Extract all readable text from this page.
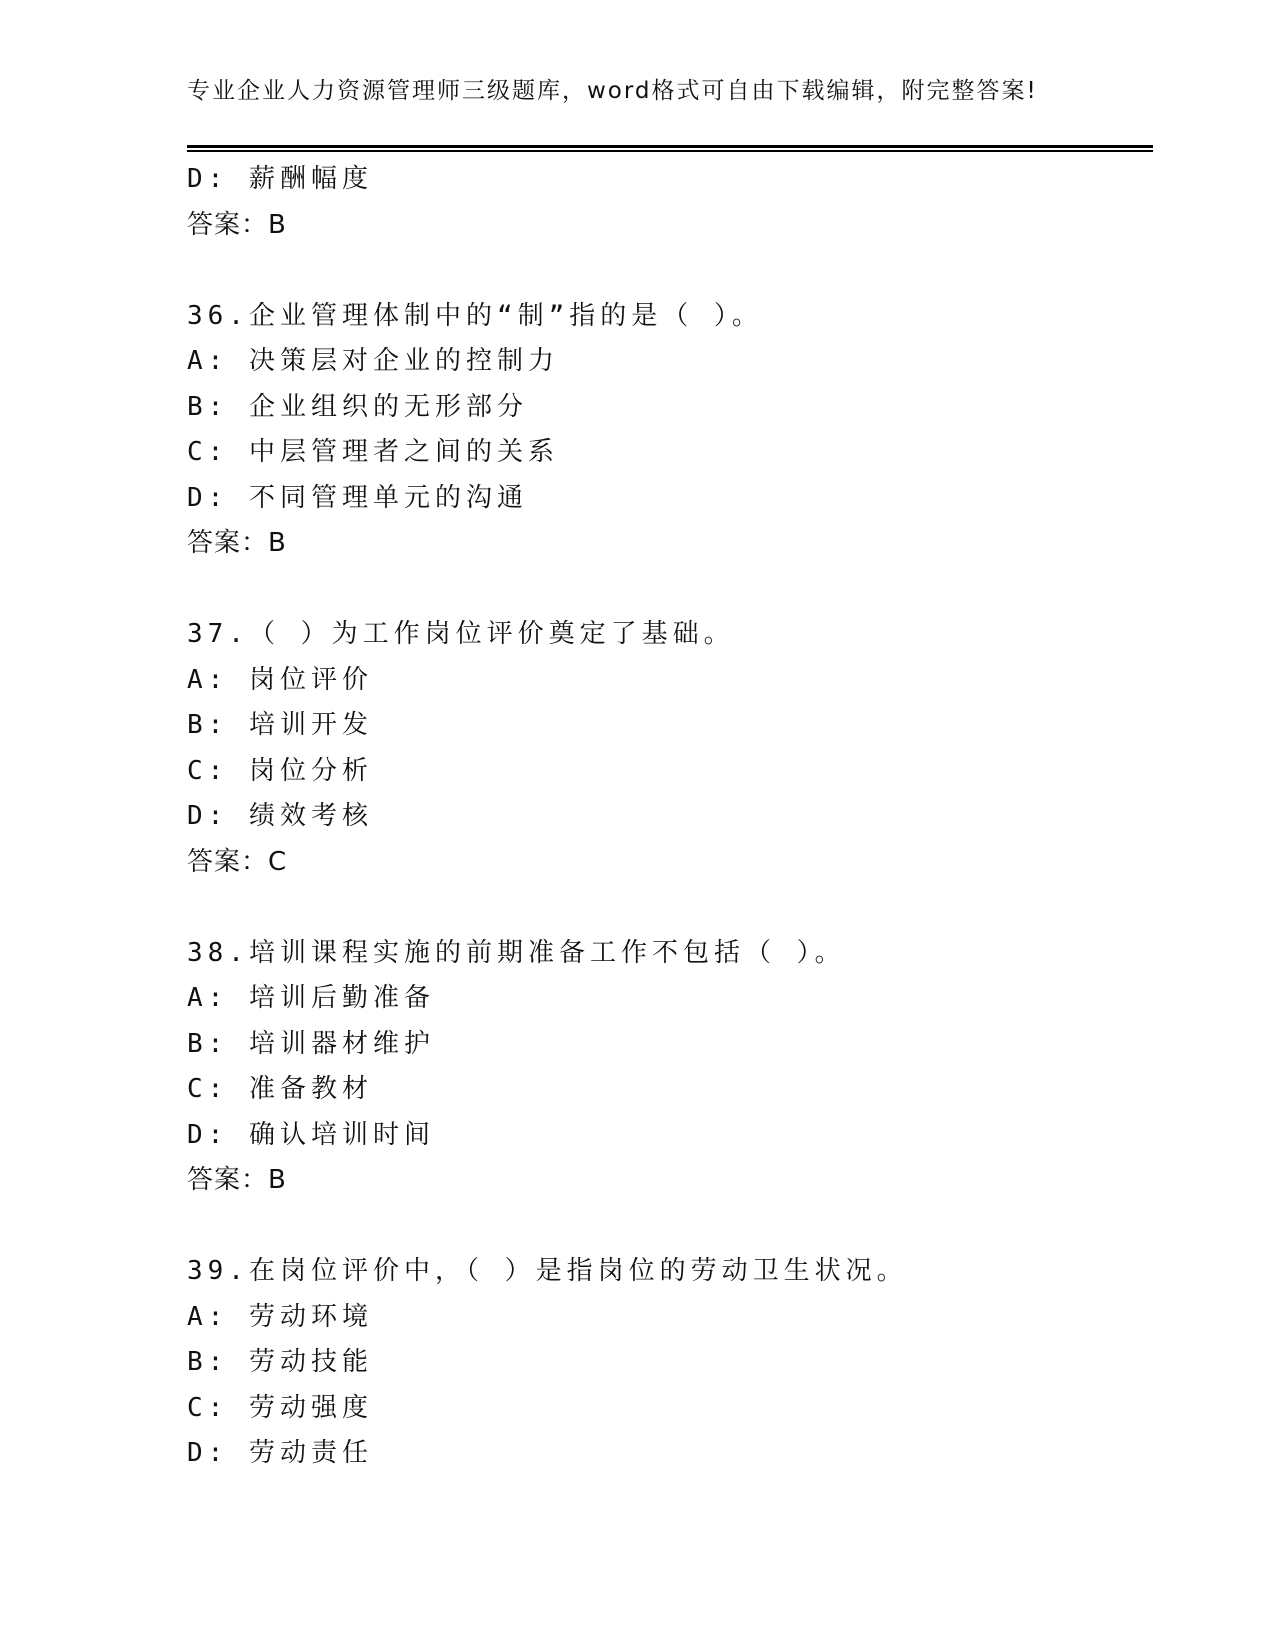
专业企业人力资源管理师三级题库，word格式可自由下载编辑，附完整答案!
D: 薪酬幅度
答案：B
36.企业管理体制中的“制”指的是（ ）。
A: 决策层对企业的控制力
B: 企业组织的无形部分
C: 中层管理者之间的关系
D: 不同管理单元的沟通
答案：B
37.（ ）为工作岗位评价奠定了基础。
A: 岗位评价
B: 培训开发
C: 岗位分析
D: 绩效考核
答案：C
38.培训课程实施的前期准备工作不包括（ ）。
A: 培训后勤准备
B: 培训器材维护
C: 准备教材
D: 确认培训时间
答案：B
39.在岗位评价中，（ ）是指岗位的劳动卫生状况。
A: 劳动环境
B: 劳动技能
C: 劳动强度
D: 劳动责任
